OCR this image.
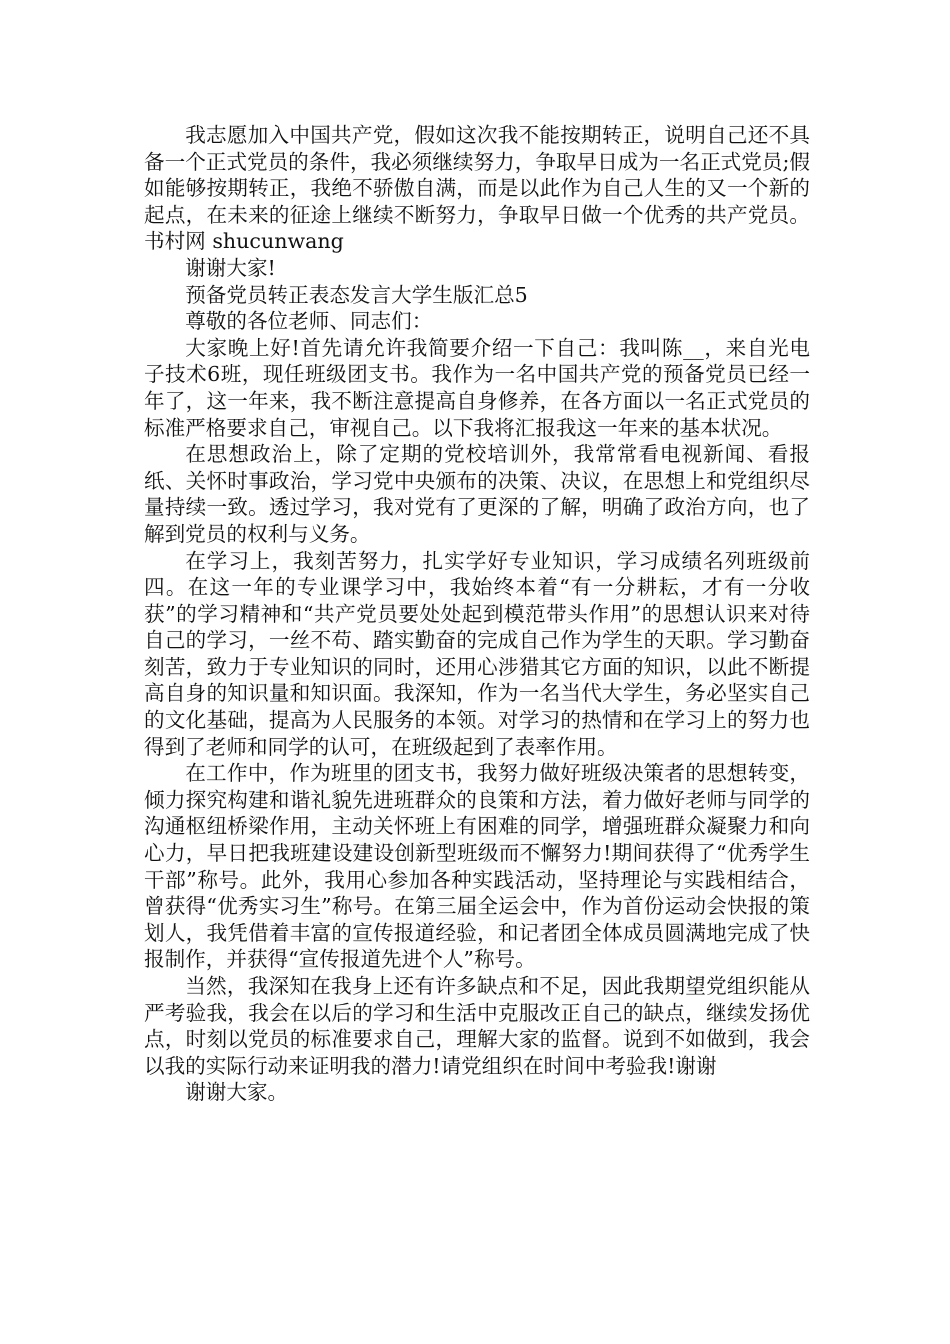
我志愿加入中国共产党，假如这次我不能按期转正，说明自己还不具备一个正式党员的条件，我必须继续努力，争取早日成为一名正式党员;假如能够按期转正，我绝不骄傲自满，而是以此作为自己人生的又一个新的起点，在未来的征途上继续不断努力，争取早日做一个优秀的共产党员。书村网 shucunwang

谢谢大家!

预备党员转正表态发言大学生版汇总5

尊敬的各位老师、同志们：

大家晚上好!首先请允许我简要介绍一下自己：我叫陈__，来自光电子技术6班，现任班级团支书。我作为一名中国共产党的预备党员已经一年了，这一年来，我不断注意提高自身修养，在各方面以一名正式党员的标准严格要求自己，审视自己。以下我将汇报我这一年来的基本状况。

在思想政治上，除了定期的党校培训外，我常常看电视新闻、看报纸、关怀时事政治，学习党中央颁布的决策、决议，在思想上和党组织尽量持续一致。透过学习，我对党有了更深的了解，明确了政治方向，也了解到党员的权利与义务。

在学习上，我刻苦努力，扎实学好专业知识，学习成绩名列班级前四。在这一年的专业课学习中，我始终本着“有一分耕耘，才有一分收获”的学习精神和“共产党员要处处起到模范带头作用”的思想认识来对待自己的学习，一丝不苟、踏实勤奋的完成自己作为学生的天职。学习勤奋刻苦，致力于专业知识的同时，还用心涉猎其它方面的知识，以此不断提高自身的知识量和知识面。我深知，作为一名当代大学生，务必坚实自己的文化基础，提高为人民服务的本领。对学习的热情和在学习上的努力也得到了老师和同学的认可，在班级起到了表率作用。

在工作中，作为班里的团支书，我努力做好班级决策者的思想转变，倾力探究构建和谐礼貌先进班群众的良策和方法，着力做好老师与同学的沟通枢纽桥梁作用，主动关怀班上有困难的同学，增强班群众凝聚力和向心力，早日把我班建设建设创新型班级而不懈努力!期间获得了“优秀学生干部”称号。此外，我用心参加各种实践活动，坚持理论与实践相结合，曾获得“优秀实习生”称号。在第三届全运会中，作为首份运动会快报的策划人，我凭借着丰富的宣传报道经验，和记者团全体成员圆满地完成了快报制作，并获得“宣传报道先进个人”称号。

当然，我深知在我身上还有许多缺点和不足，因此我期望党组织能从严考验我，我会在以后的学习和生活中克服改正自己的缺点，继续发扬优点，时刻以党员的标准要求自己，理解大家的监督。说到不如做到，我会以我的实际行动来证明我的潜力!请党组织在时间中考验我!谢谢

谢谢大家。
